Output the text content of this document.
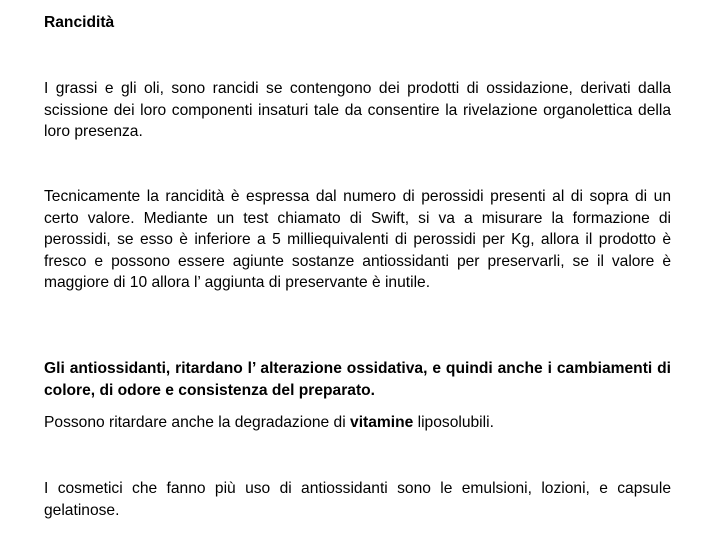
Rancidità

I grassi e gli oli, sono rancidi se contengono dei prodotti di ossidazione, derivati dalla scissione dei loro componenti insaturi tale da consentire la rivelazione organolettica della loro presenza.

Tecnicamente la rancidità è espressa dal numero di perossidi presenti al di sopra di un certo valore. Mediante un test chiamato di Swift, si va a misurare la formazione di perossidi, se esso è inferiore a 5 milliequivalenti di perossidi per Kg, allora il prodotto è fresco e possono essere agiunte sostanze antiossidanti per preservarli, se il valore è maggiore di 10 allora l’ aggiunta di preservante è inutile.

Gli antiossidanti, ritardano l’ alterazione ossidativa, e quindi anche i cambiamenti di colore, di odore e consistenza del preparato.

Possono ritardare anche la degradazione di vitamine liposolubili.

I cosmetici che fanno più uso di antiossidanti sono le emulsioni, lozioni, e capsule gelatinose.
